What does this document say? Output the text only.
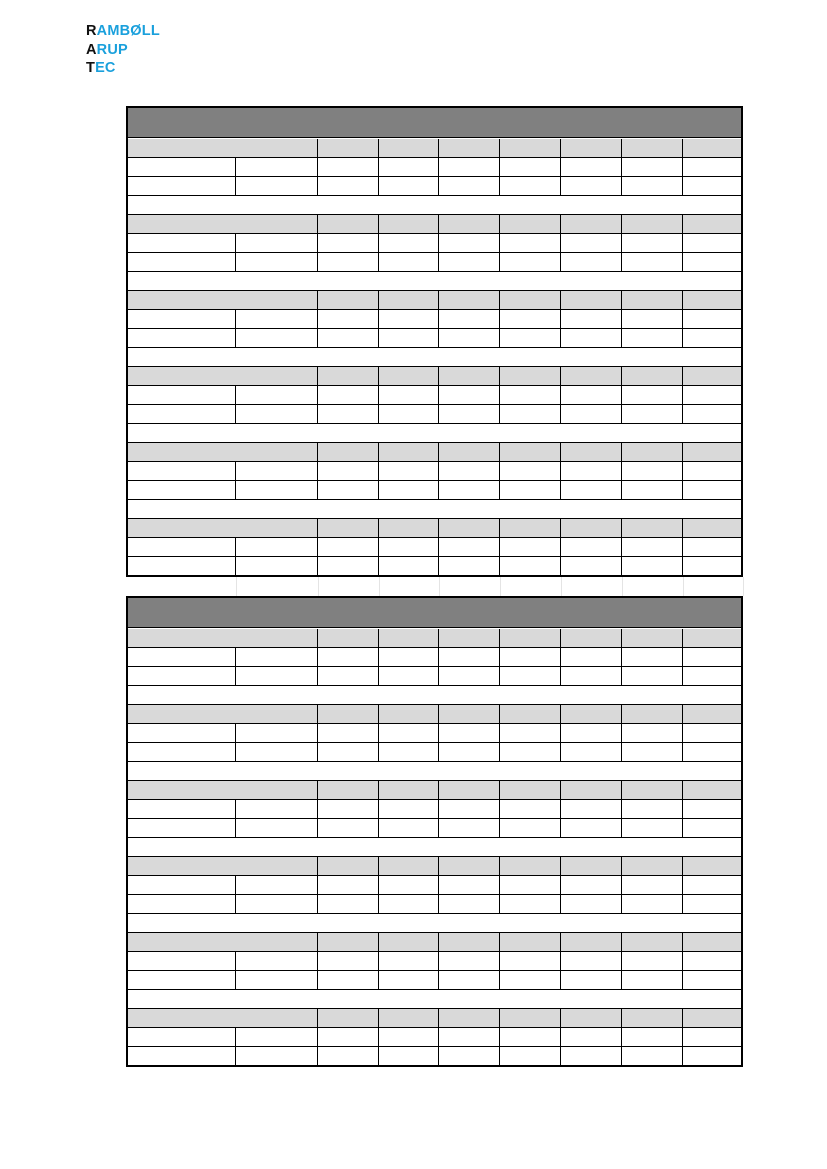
RAMBØLL
ARUP
TEC
